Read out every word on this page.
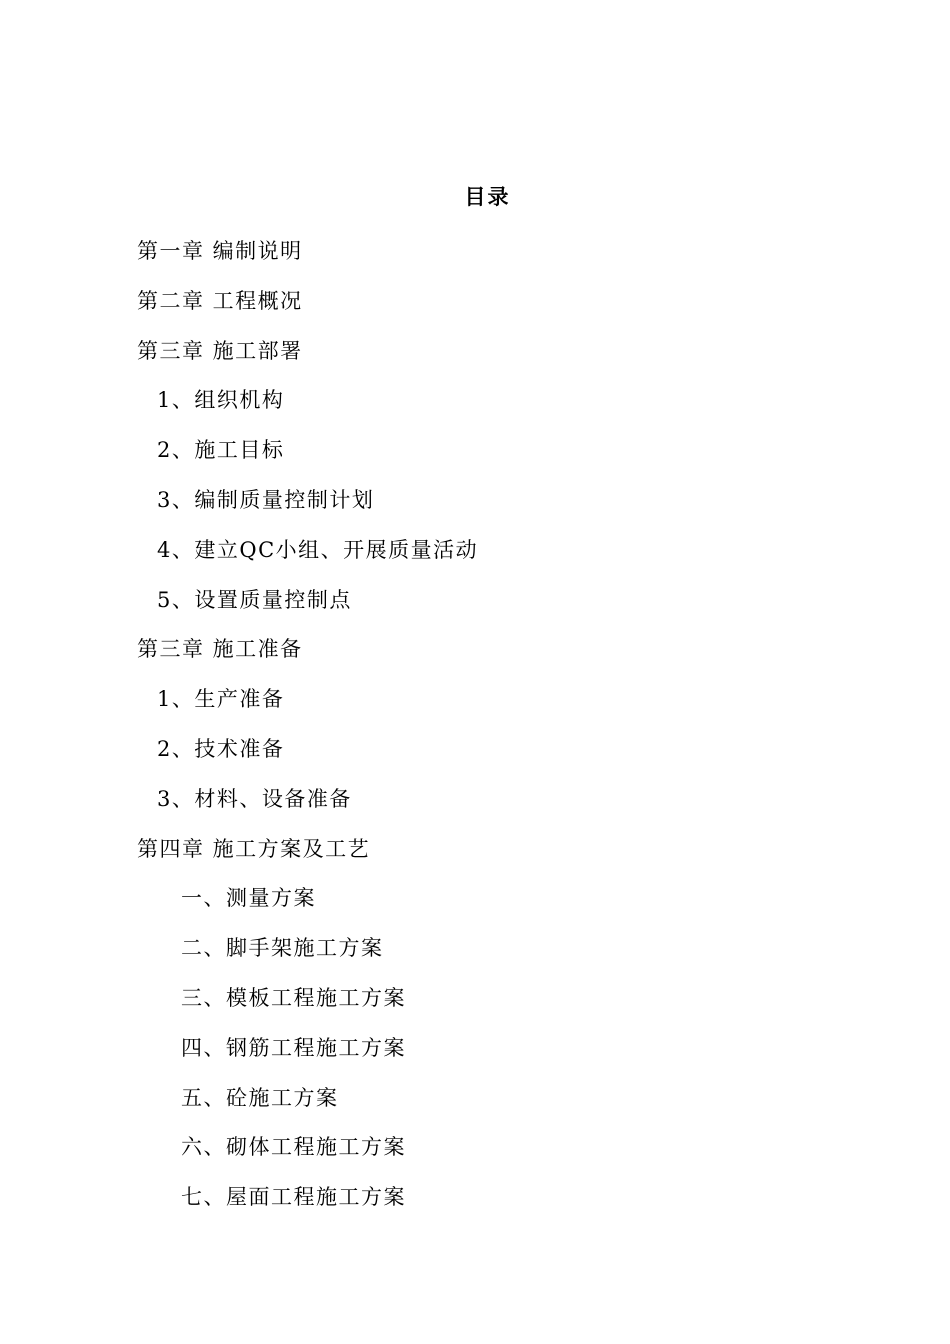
目录
第一章 编制说明
第二章 工程概况
第三章 施工部署
1、组织机构
2、施工目标
3、编制质量控制计划
4、建立QC小组、开展质量活动
5、设置质量控制点
第三章 施工准备
1、生产准备
2、技术准备
3、材料、设备准备
第四章 施工方案及工艺
一、测量方案
二、脚手架施工方案
三、模板工程施工方案
四、钢筋工程施工方案
五、砼施工方案
六、砌体工程施工方案
七、屋面工程施工方案
